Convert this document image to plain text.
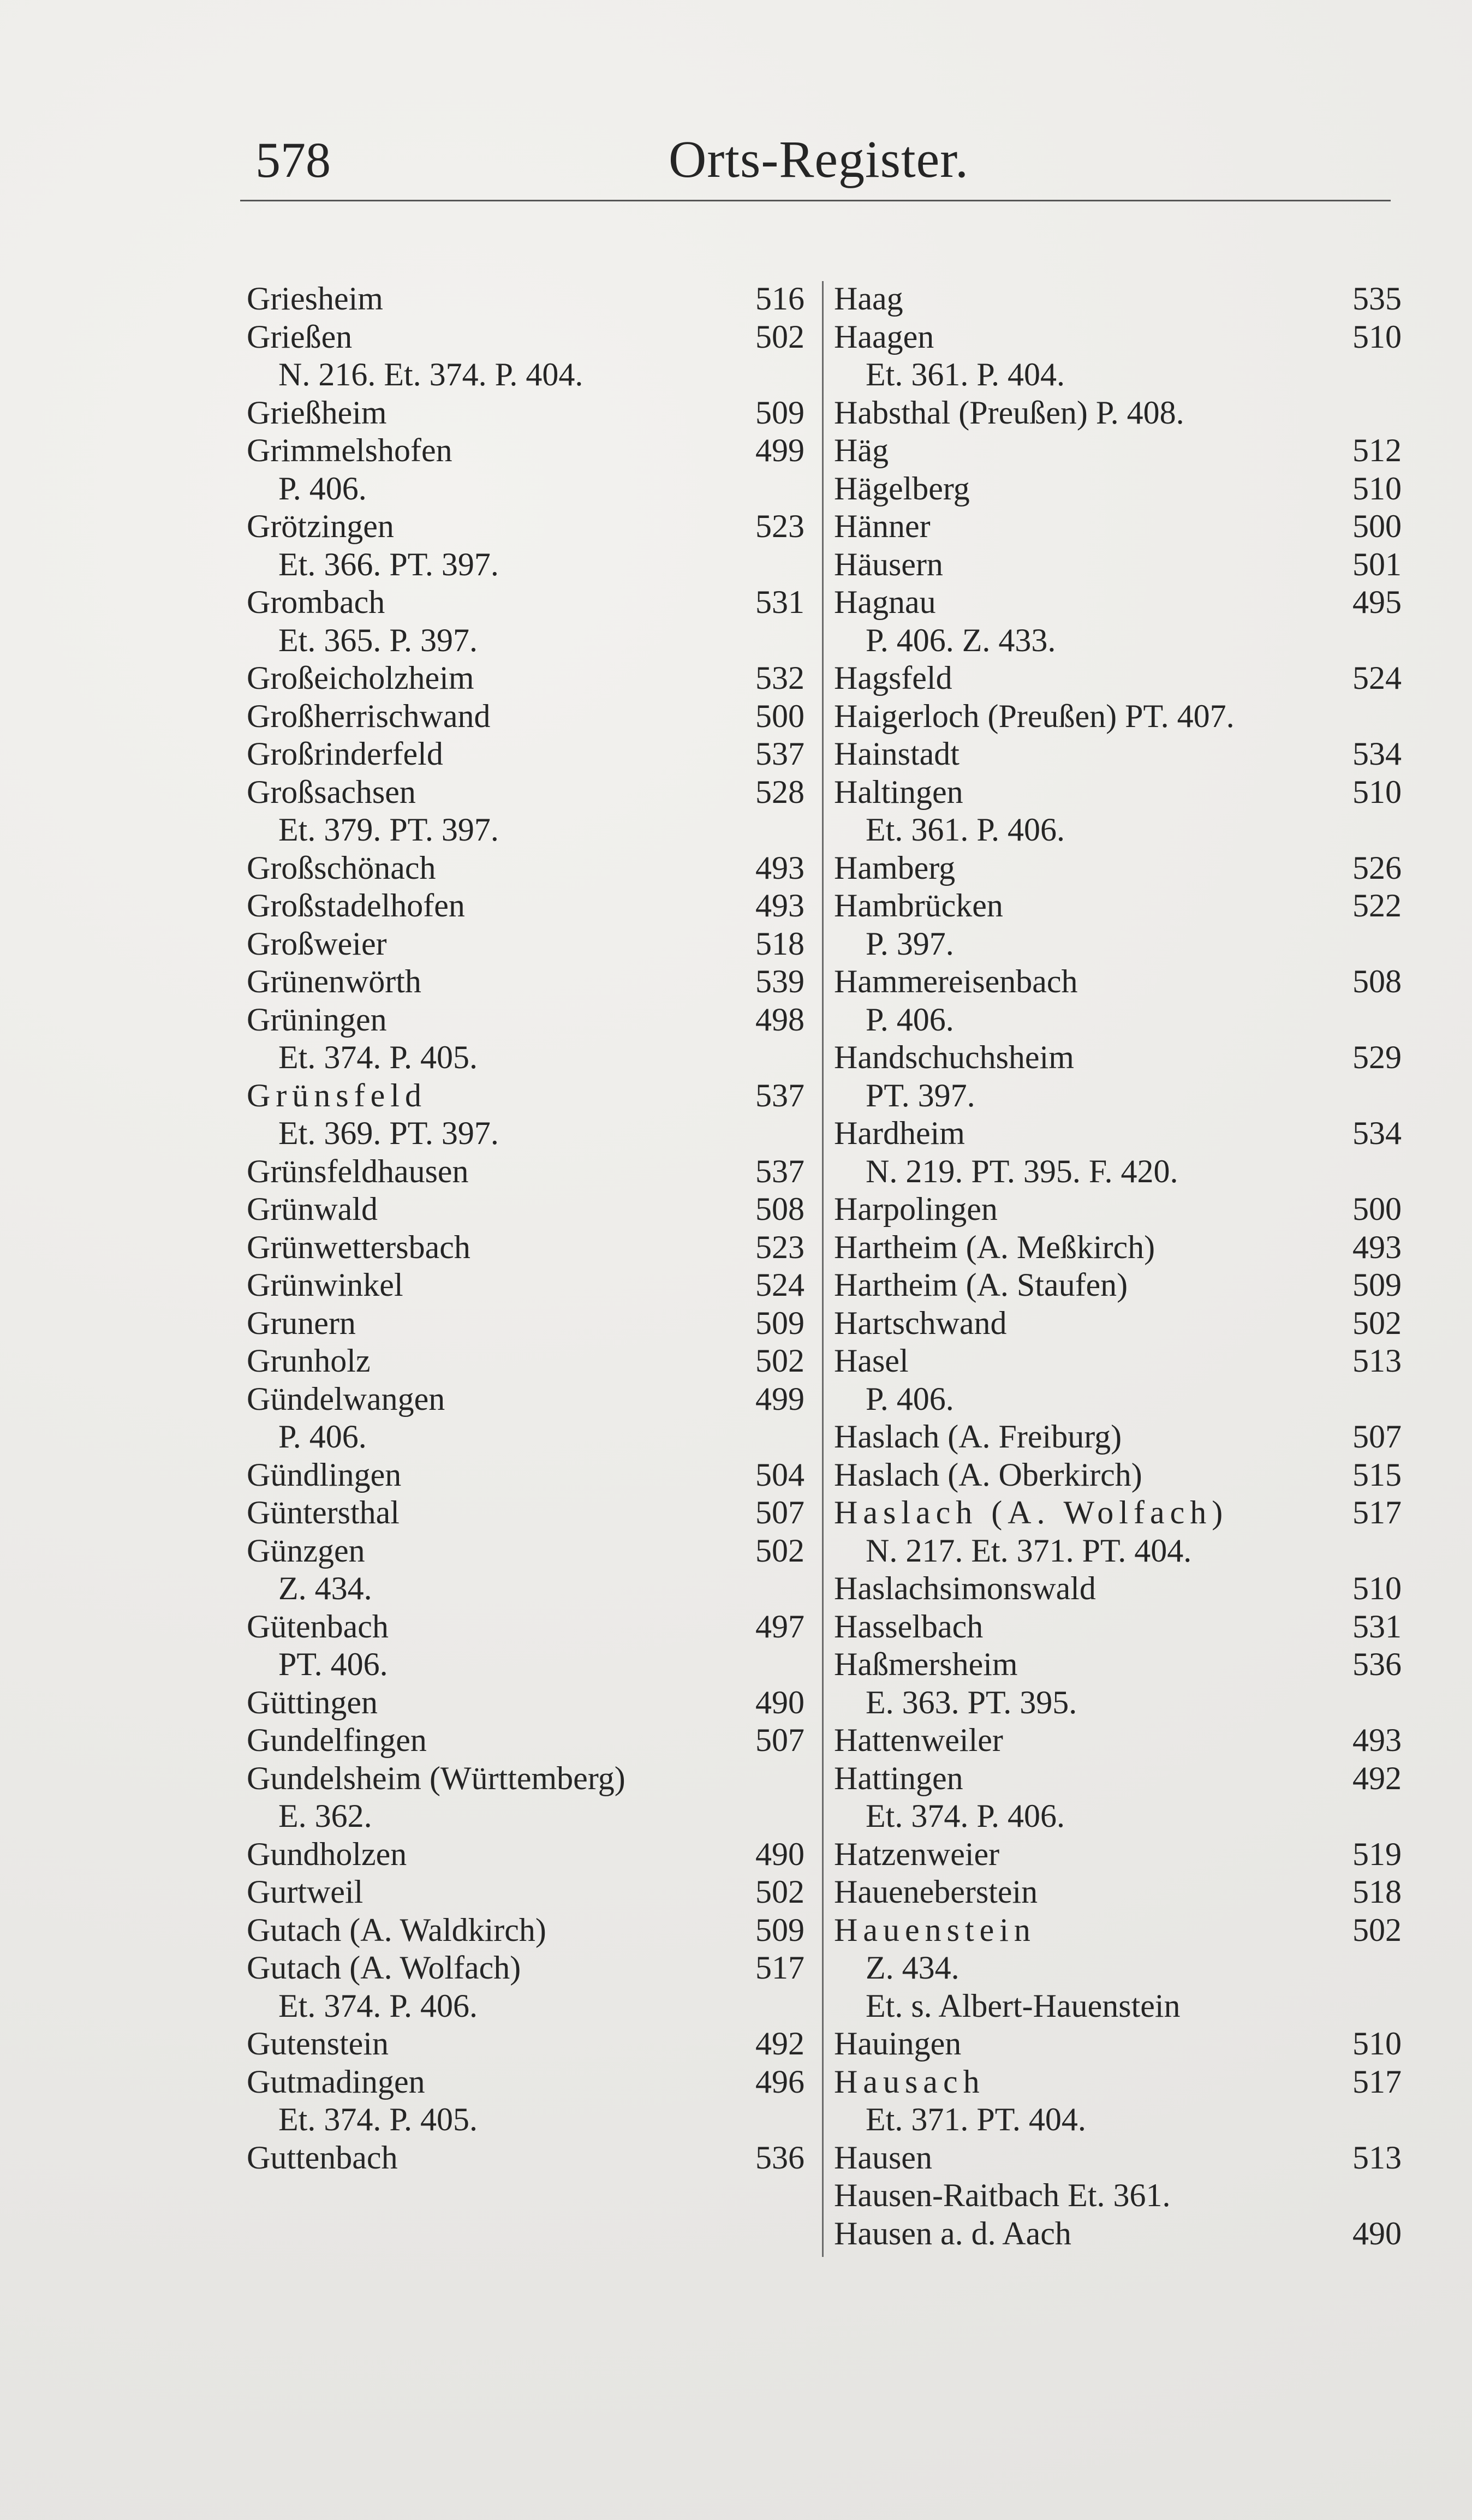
578	Orts-Register.
Griesheim	516
Grießen	502
N. 216. Et. 374. P. 404.
Grießheim	509
Grimmelshofen	499
P. 406.
Grötzingen	523
Et. 366. PT. 397.
Grombach	531
Et. 365. P. 397.
Großeicholzheim	532
Großherrischwand	500
Großrinderfeld	537
Großsachsen	528
Et. 379. PT. 397.
Großschönach	493
Großstadelhofen	493
Großweier	518
Grünenwörth	539
Grüningen	498
Et. 374. P. 405.
Grünsfeld	537
Et. 369. PT. 397.
Grünsfeldhausen	537
Grünwald	508
Grünwettersbach	523
Grünwinkel	524
Grunern	509
Grunholz	502
Gündelwangen	499
P. 406.
Gündlingen	504
Güntersthal	507
Günzgen	502
Z. 434.
Gütenbach	497
PT. 406.
Güttingen	490
Gundelfingen	507
Gundelsheim (Württemberg)
E. 362.
Gundholzen	490
Gurtweil	502
Gutach (A. Waldkirch)	509
Gutach (A. Wolfach)	517
Et. 374. P. 406.
Gutenstein	492
Gutmadingen	496
Et. 374. P. 405.
Guttenbach	536
Haag	535
Haagen	510
Et. 361. P. 404.
Habsthal (Preußen) P. 408.
Häg	512
Hägelberg	510
Hänner	500
Häusern	501
Hagnau	495
P. 406. Z. 433.
Hagsfeld	524
Haigerloch (Preußen) PT. 407.
Hainstadt	534
Haltingen	510
Et. 361. P. 406.
Hamberg	526
Hambrücken	522
P. 397.
Hammereisenbach	508
P. 406.
Handschuchsheim	529
PT. 397.
Hardheim	534
N. 219. PT. 395. F. 420.
Harpolingen	500
Hartheim (A. Meßkirch)	493
Hartheim (A. Staufen)	509
Hartschwand	502
Hasel	513
P. 406.
Haslach (A. Freiburg)	507
Haslach (A. Oberkirch)	515
Haslach (A. Wolfach)	517
N. 217. Et. 371. PT. 404.
Haslachsimonswald	510
Hasselbach	531
Haßmersheim	536
E. 363. PT. 395.
Hattenweiler	493
Hattingen	492
Et. 374. P. 406.
Hatzenweier	519
Haueneberstein	518
Hauenstein	502
Z. 434.
Et. s. Albert-Hauenstein
Hauingen	510
Hausach	517
Et. 371. PT. 404.
Hausen	513
Hausen-Raitbach Et. 361.
Hausen a. d. Aach	490
